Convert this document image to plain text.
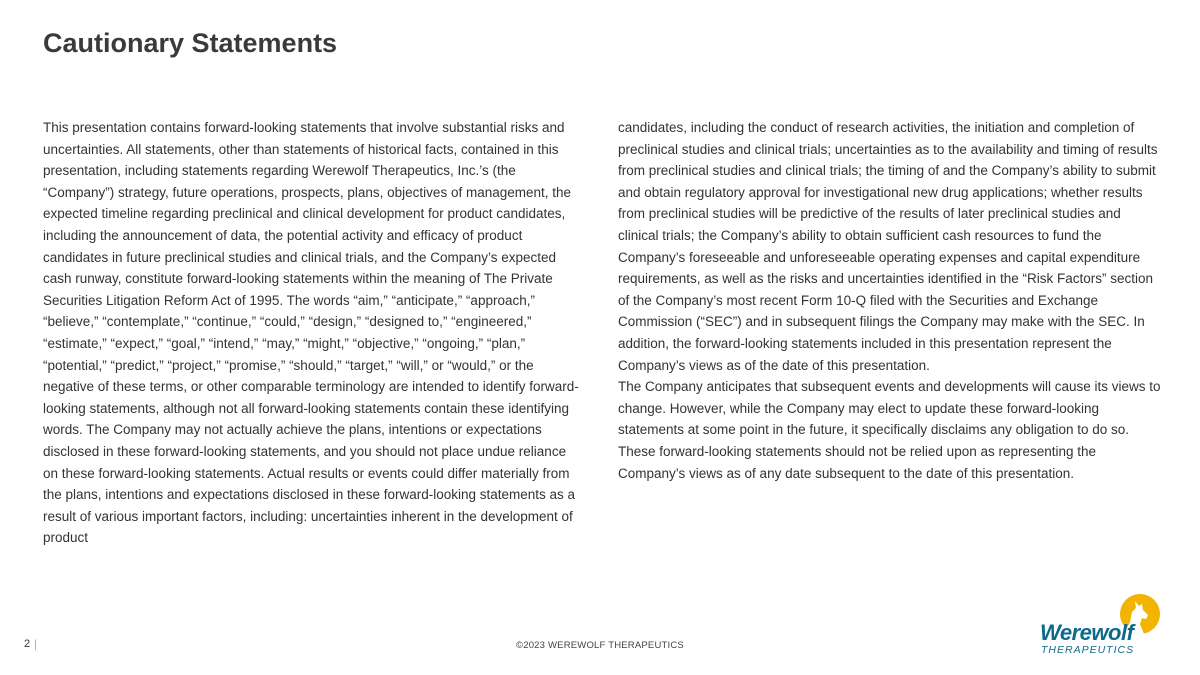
Cautionary Statements

This presentation contains forward-looking statements that involve substantial risks and uncertainties. All statements, other than statements of historical facts, contained in this presentation, including statements regarding Werewolf Therapeutics, Inc.’s (the “Company”) strategy, future operations, prospects, plans, objectives of management, the expected timeline regarding preclinical and clinical development for product candidates, including the announcement of data, the potential activity and efficacy of product candidates in future preclinical studies and clinical trials, and the Company’s expected cash runway, constitute forward-looking statements within the meaning of The Private Securities Litigation Reform Act of 1995. The words “aim,” “anticipate,” “approach,” “believe,” “contemplate,” “continue,” “could,” “design,” “designed to,” “engineered,” “estimate,” “expect,” “goal,” “intend,” “may,” “might,” “objective,” “ongoing,” “plan,” “potential,” “predict,” “project,” “promise,” “should,” “target,” “will,” or “would,” or the negative of these terms, or other comparable terminology are intended to identify forward-looking statements, although not all forward-looking statements contain these identifying words. The Company may not actually achieve the plans, intentions or expectations disclosed in these forward-looking statements, and you should not place undue reliance on these forward-looking statements. Actual results or events could differ materially from the plans, intentions and expectations disclosed in these forward-looking statements as a result of various important factors, including: uncertainties inherent in the development of product

candidates, including the conduct of research activities, the initiation and completion of preclinical studies and clinical trials; uncertainties as to the availability and timing of results from preclinical studies and clinical trials; the timing of and the Company’s ability to submit and obtain regulatory approval for investigational new drug applications; whether results from preclinical studies will be predictive of the results of later preclinical studies and clinical trials; the Company’s ability to obtain sufficient cash resources to fund the Company’s foreseeable and unforeseeable operating expenses and capital expenditure requirements, as well as the risks and uncertainties identified in the “Risk Factors” section of the Company’s most recent Form 10-Q filed with the Securities and Exchange Commission (“SEC”) and in subsequent filings the Company may make with the SEC. In addition, the forward-looking statements included in this presentation represent the Company’s views as of the date of this presentation.

The Company anticipates that subsequent events and developments will cause its views to change. However, while the Company may elect to update these forward-looking statements at some point in the future, it specifically disclaims any obligation to do so. These forward-looking statements should not be relied upon as representing the Company’s views as of any date subsequent to the date of this presentation.

2 |	©2023 WEREWOLF THERAPEUTICS
Werewolf
THERAPEUTICS
